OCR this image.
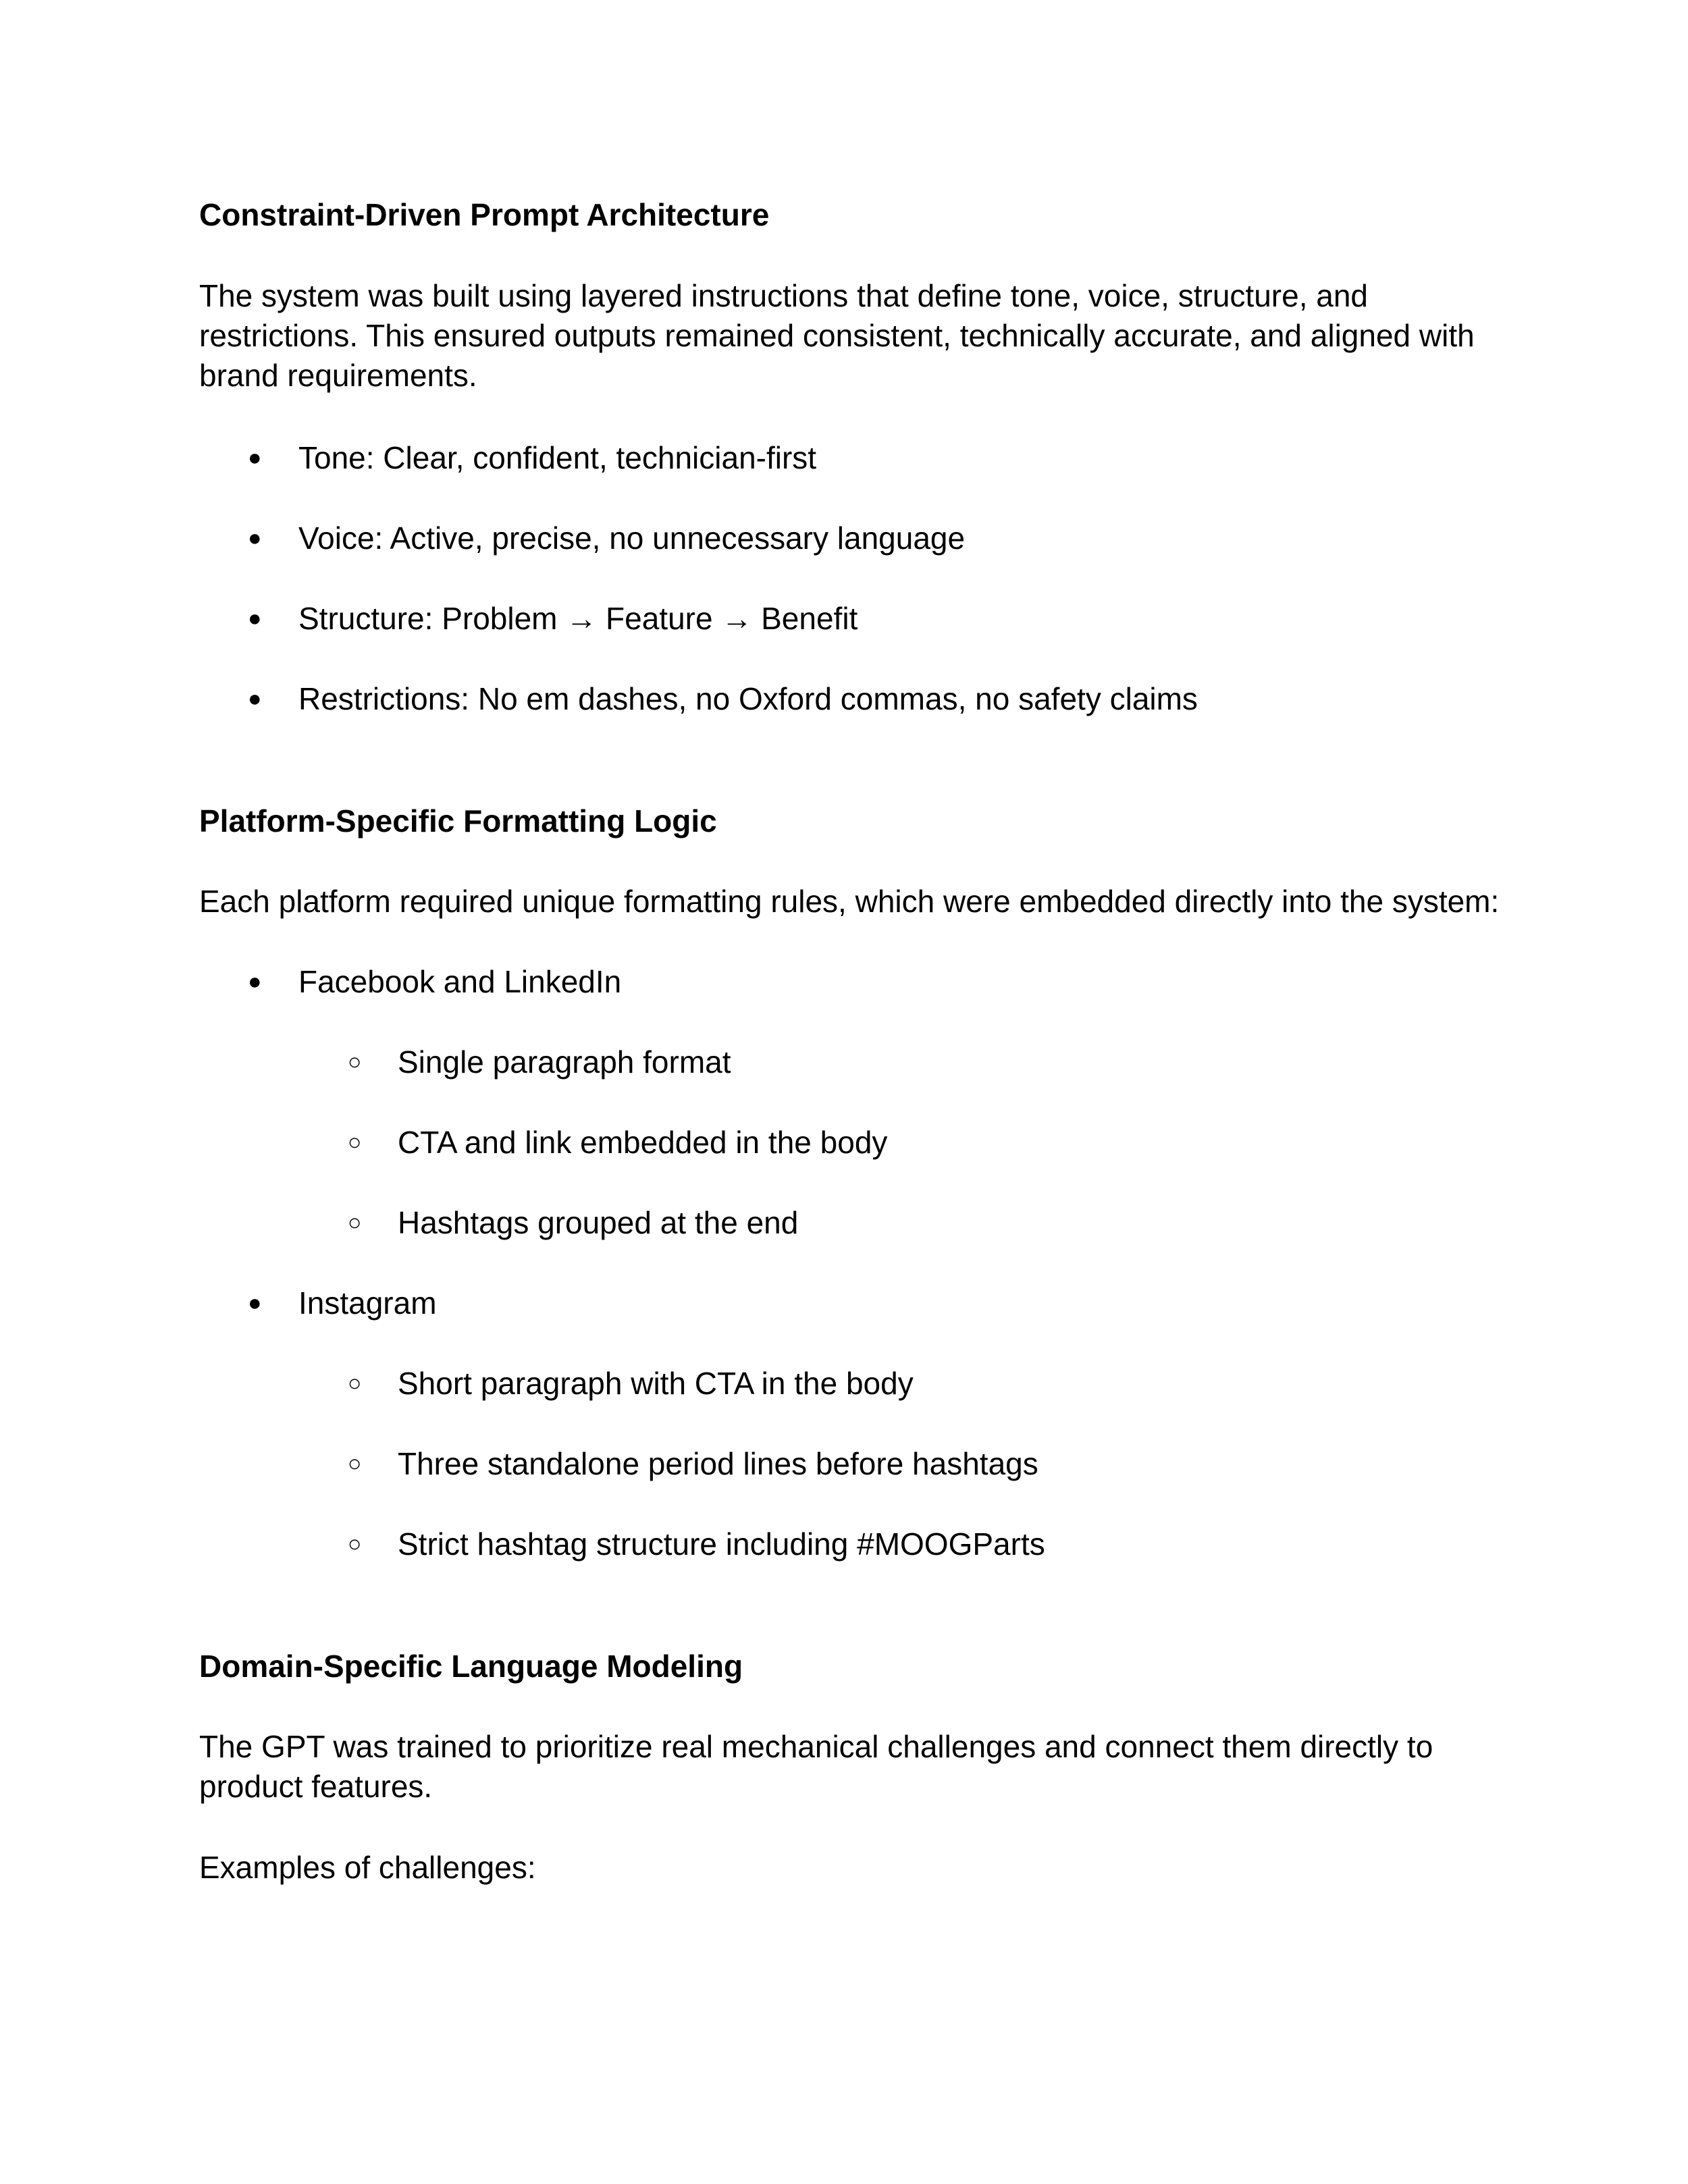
Constraint-Driven Prompt Architecture

The system was built using layered instructions that define tone, voice, structure, and

restrictions. This ensured outputs remained consistent, technically accurate, and aligned with

brand requirements.

● Tone: Clear, confident, technician-first

● Voice: Active, precise, no unnecessary language

● Structure: Problem → Feature → Benefit

● Restrictions: No em dashes, no Oxford commas, no safety claims

Platform-Specific Formatting Logic

Each platform required unique formatting rules, which were embedded directly into the system:

● Facebook and LinkedIn

○ Single paragraph format

○ CTA and link embedded in the body

○ Hashtags grouped at the end

● Instagram

○ Short paragraph with CTA in the body

○ Three standalone period lines before hashtags

○ Strict hashtag structure including #MOOGParts

Domain-Specific Language Modeling

The GPT was trained to prioritize real mechanical challenges and connect them directly to

product features.

Examples of challenges:
